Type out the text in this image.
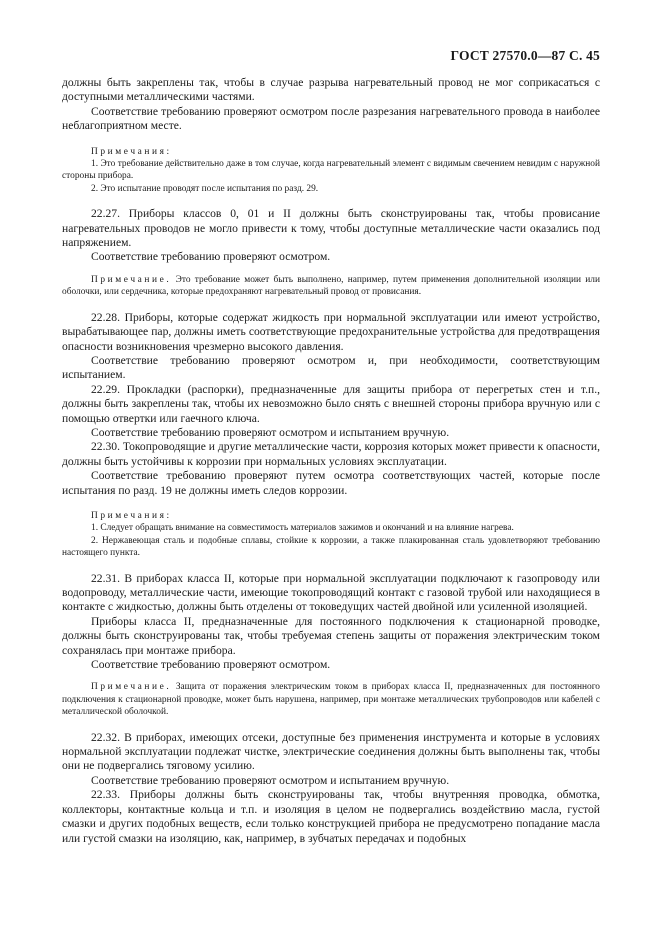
ГОСТ 27570.0—87 С. 45

должны быть закреплены так, чтобы в случае разрыва нагревательный провод не мог соприкасаться с доступными металлическими частями.

Соответствие требованию проверяют осмотром после разрезания нагревательного провода в наиболее неблагоприятном месте.

Примечания:

1. Это требование действительно даже в том случае, когда нагревательный элемент с видимым свечением невидим с наружной стороны прибора.

2. Это испытание проводят после испытания по разд. 29.

22.27. Приборы классов 0, 01 и II должны быть сконструированы так, чтобы провисание нагревательных проводов не могло привести к тому, чтобы доступные металлические части оказались под напряжением.

Соответствие требованию проверяют осмотром.

Примечание. Это требование может быть выполнено, например, путем применения дополнительной изоляции или оболочки, или сердечника, которые предохраняют нагревательный провод от провисания.

22.28. Приборы, которые содержат жидкость при нормальной эксплуатации или имеют устройство, вырабатывающее пар, должны иметь соответствующие предохранительные устройства для предотвращения опасности возникновения чрезмерно высокого давления.

Соответствие требованию проверяют осмотром и, при необходимости, соответствующим испытанием.

22.29. Прокладки (распорки), предназначенные для защиты прибора от перегретых стен и т.п., должны быть закреплены так, чтобы их невозможно было снять с внешней стороны прибора вручную или с помощью отвертки или гаечного ключа.

Соответствие требованию проверяют осмотром и испытанием вручную.

22.30. Токопроводящие и другие металлические части, коррозия которых может привести к опасности, должны быть устойчивы к коррозии при нормальных условиях эксплуатации.

Соответствие требованию проверяют путем осмотра соответствующих частей, которые после испытания по разд. 19 не должны иметь следов коррозии.

Примечания:

1. Следует обращать внимание на совместимость материалов зажимов и окончаний и на влияние нагрева.

2. Нержавеющая сталь и подобные сплавы, стойкие к коррозии, а также плакированная сталь удовлетворяют требованию настоящего пункта.

22.31. В приборах класса II, которые при нормальной эксплуатации подключают к газопроводу или водопроводу, металлические части, имеющие токопроводящий контакт с газовой трубой или находящиеся в контакте с жидкостью, должны быть отделены от токоведущих частей двойной или усиленной изоляцией.

Приборы класса II, предназначенные для постоянного подключения к стационарной проводке, должны быть сконструированы так, чтобы требуемая степень защиты от поражения электрическим током сохранялась при монтаже прибора.

Соответствие требованию проверяют осмотром.

Примечание. Защита от поражения электрическим током в приборах класса II, предназначенных для постоянного подключения к стационарной проводке, может быть нарушена, например, при монтаже металлических трубопроводов или кабелей с металлической оболочкой.

22.32. В приборах, имеющих отсеки, доступные без применения инструмента и которые в условиях нормальной эксплуатации подлежат чистке, электрические соединения должны быть выполнены так, чтобы они не подвергались тяговому усилию.

Соответствие требованию проверяют осмотром и испытанием вручную.

22.33. Приборы должны быть сконструированы так, чтобы внутренняя проводка, обмотка, коллекторы, контактные кольца и т.п. и изоляция в целом не подвергались воздействию масла, густой смазки и других подобных веществ, если только конструкцией прибора не предусмотрено попадание масла или густой смазки на изоляцию, как, например, в зубчатых передачах и подобных
